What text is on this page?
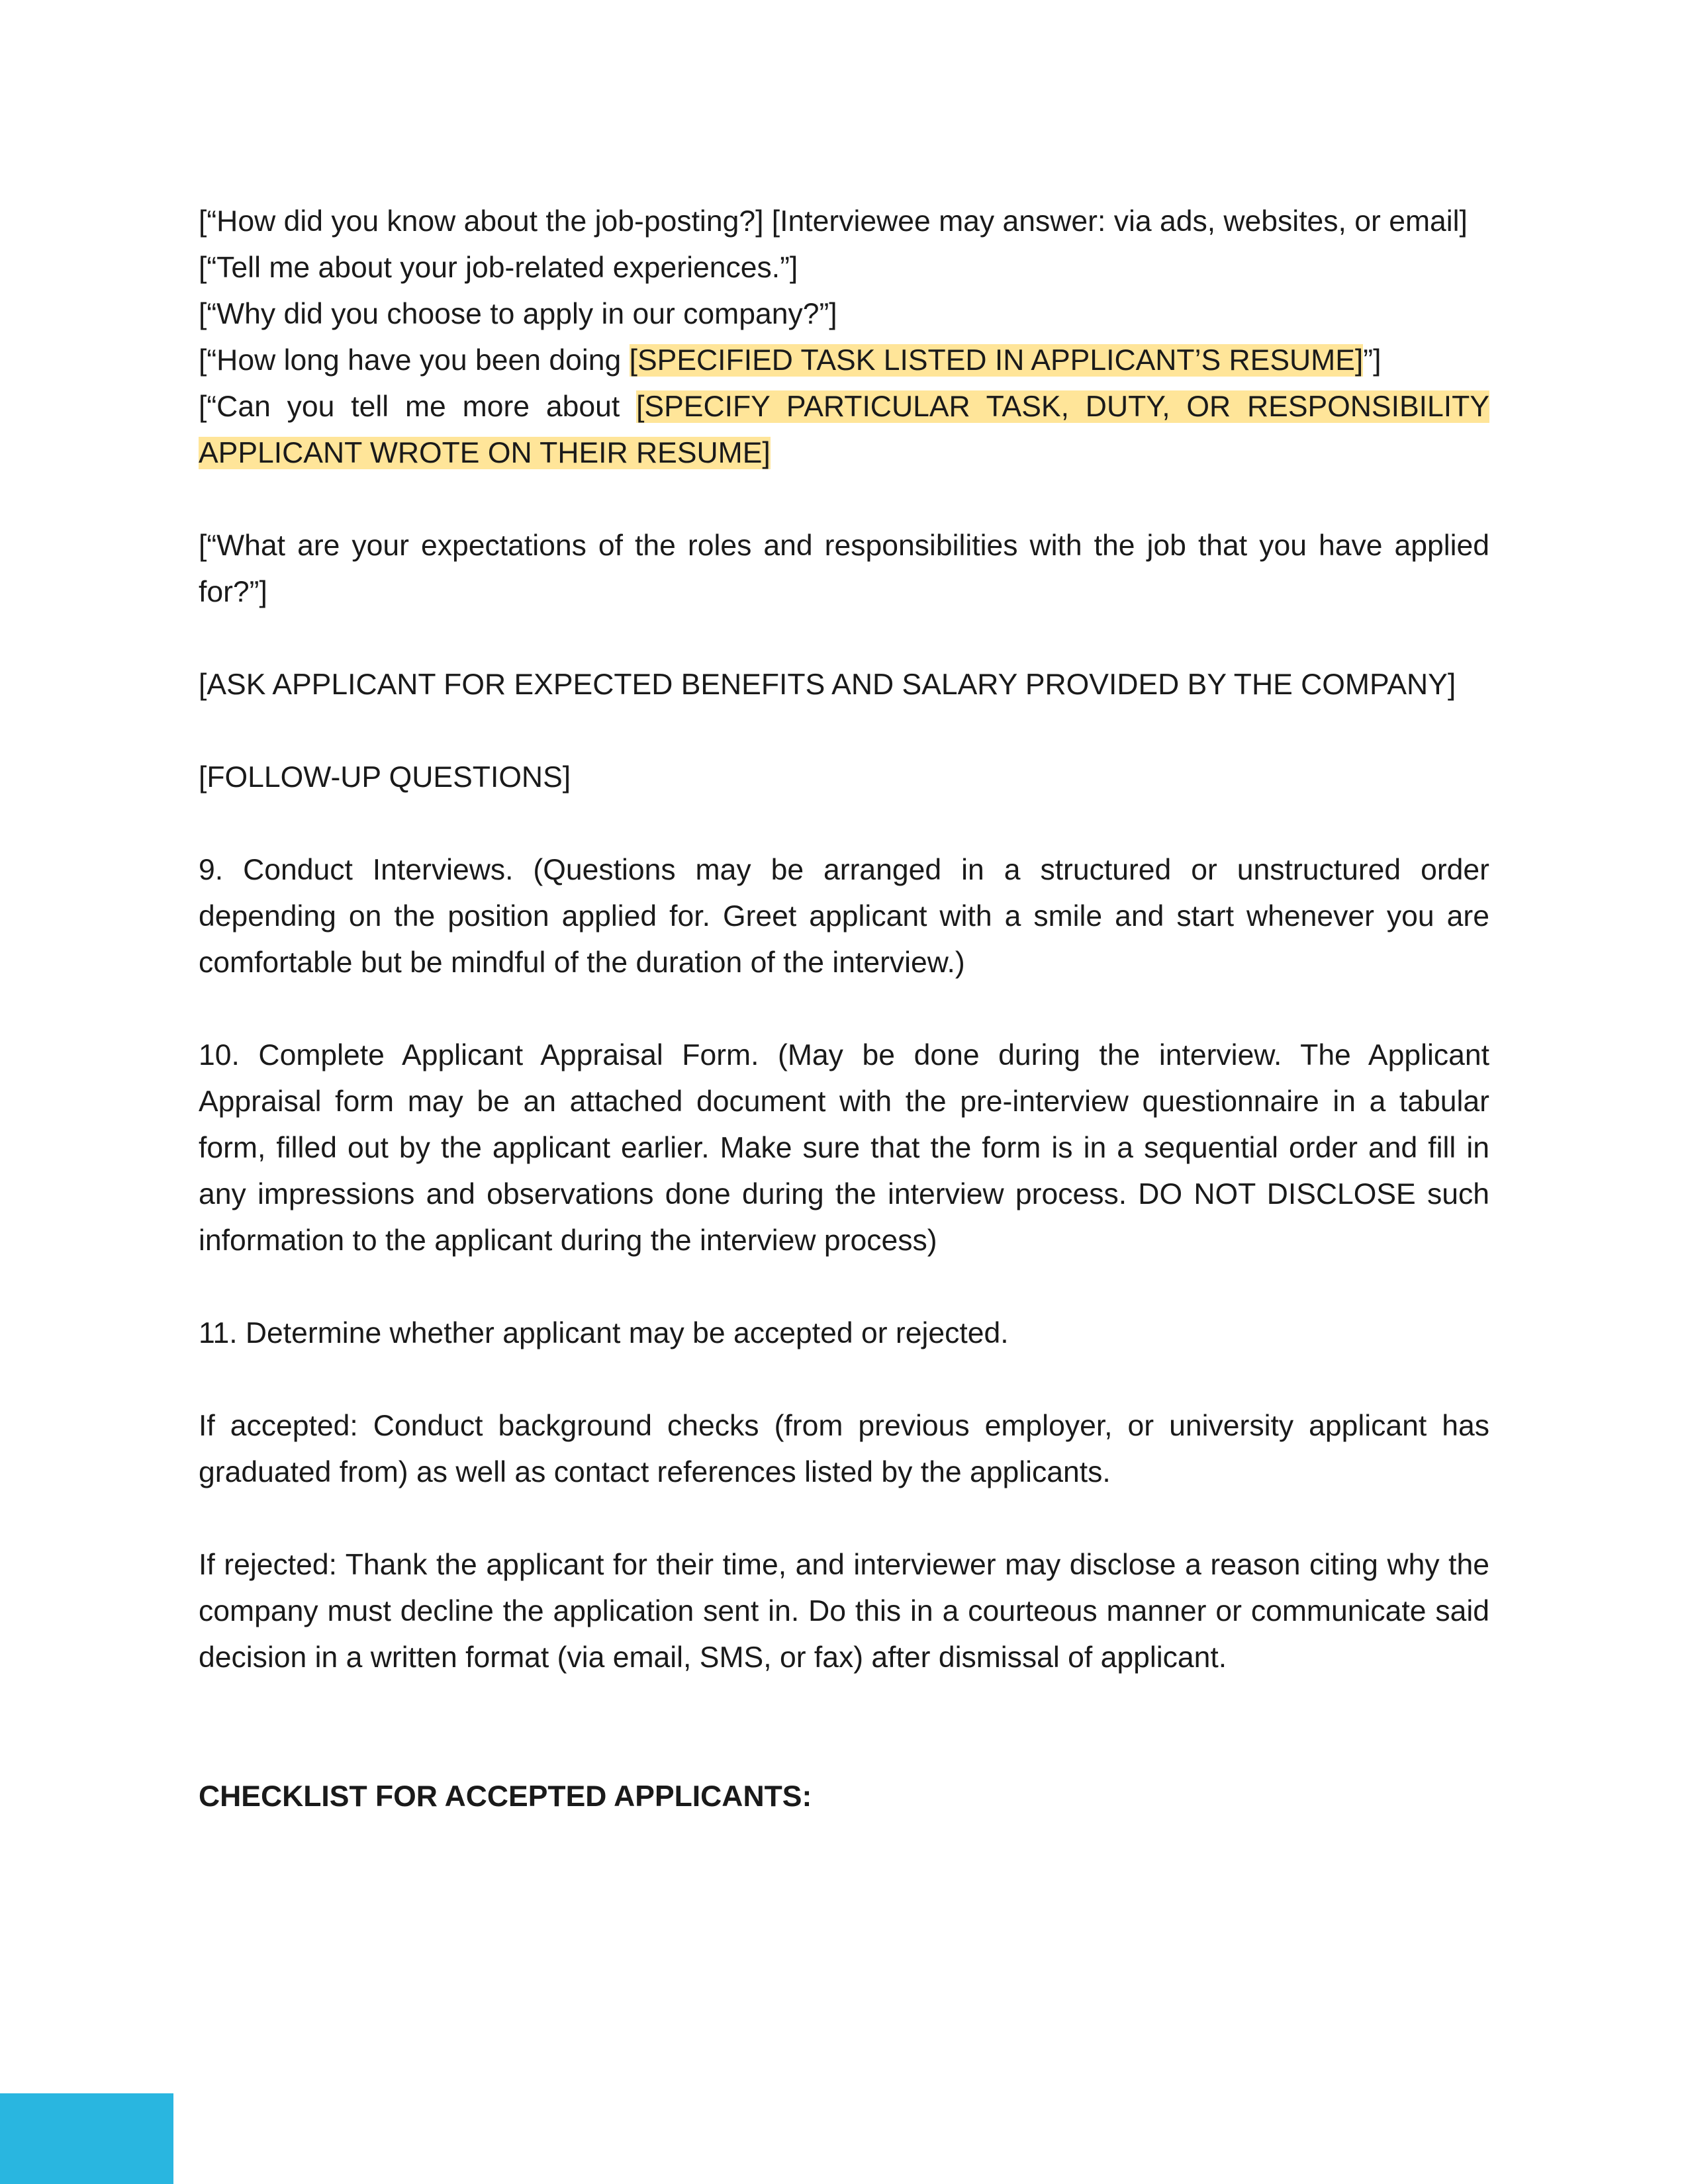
[“How did you know about the job-posting?] [Interviewee may answer: via ads, websites, or email]

[“Tell me about your job-related experiences.”]

[“Why did you choose to apply in our company?”]

[“How long have you been doing [SPECIFIED TASK LISTED IN APPLICANT’S RESUME]”]

[“Can you tell me more about [SPECIFY PARTICULAR TASK, DUTY, OR RESPONSIBILITY APPLICANT WROTE ON THEIR RESUME]

[“What are your expectations of the roles and responsibilities with the job that you have applied for?”]

[ASK APPLICANT FOR EXPECTED BENEFITS AND SALARY PROVIDED BY THE COMPANY]

[FOLLOW-UP QUESTIONS]

9. Conduct Interviews. (Questions may be arranged in a structured or unstructured order depending on the position applied for. Greet applicant with a smile and start whenever you are comfortable but be mindful of the duration of the interview.)

10. Complete Applicant Appraisal Form. (May be done during the interview. The Applicant Appraisal form may be an attached document with the pre-interview questionnaire in a tabular form, filled out by the applicant earlier. Make sure that the form is in a sequential order and fill in any impressions and observations done during the interview process. DO NOT DISCLOSE such information to the applicant during the interview process)

11. Determine whether applicant may be accepted or rejected.

If accepted: Conduct background checks (from previous employer, or university applicant has graduated from) as well as contact references listed by the applicants.

If rejected: Thank the applicant for their time, and interviewer may disclose a reason citing why the company must decline the application sent in. Do this in a courteous manner or communicate said decision in a written format (via email, SMS, or fax) after dismissal of applicant.

CHECKLIST FOR ACCEPTED APPLICANTS:
